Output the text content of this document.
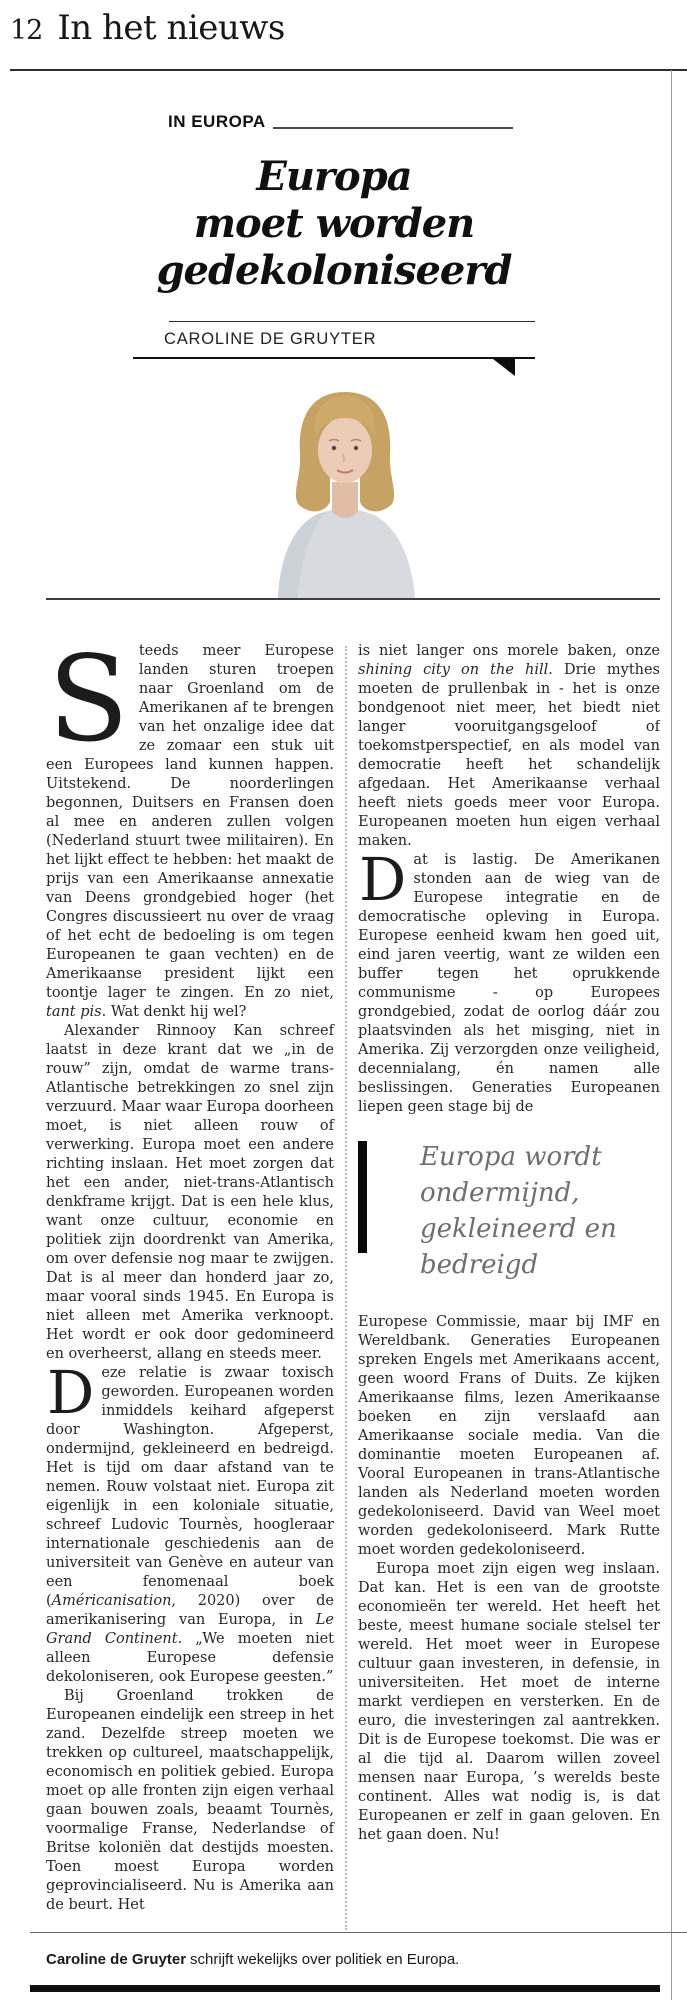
12 In het nieuws
IN EUROPA
Europa
moet worden
gedekoloniseerd
CAROLINE DE GRUYTER

Steeds meer Europese landen sturen troepen naar Groenland om de Amerikanen af te brengen van het onzalige idee dat ze zomaar een stuk uit een Europees land kunnen happen. Uitstekend. De noorderlingen begonnen, Duitsers en Fransen doen al mee en anderen zullen volgen (Nederland stuurt twee militairen). En het lijkt effect te hebben: het maakt de prijs van een Amerikaanse annexatie van Deens grondgebied hoger (het Congres discussieert nu over de vraag of het echt de bedoeling is om tegen Europeanen te gaan vechten) en de Amerikaanse president lijkt een toontje lager te zingen. En zo niet, tant pis. Wat denkt hij wel?

Alexander Rinnooy Kan schreef laatst in deze krant dat we „in de rouw” zijn, omdat de warme trans-Atlantische betrekkingen zo snel zijn verzuurd. Maar waar Europa doorheen moet, is niet alleen rouw of verwerking. Europa moet een andere richting inslaan. Het moet zorgen dat het een ander, niet-trans-Atlantisch denkframe krijgt. Dat is een hele klus, want onze cultuur, economie en politiek zijn doordrenkt van Amerika, om over defensie nog maar te zwijgen. Dat is al meer dan honderd jaar zo, maar vooral sinds 1945. En Europa is niet alleen met Amerika verknoopt. Het wordt er ook door gedomineerd en overheerst, allang en steeds meer.

Deze relatie is zwaar toxisch geworden. Europeanen worden inmiddels keihard afgeperst door Washington. Afgeperst, ondermijnd, gekleineerd en bedreigd. Het is tijd om daar afstand van te nemen. Rouw volstaat niet. Europa zit eigenlijk in een koloniale situatie, schreef Ludovic Tournès, hoogleraar internationale geschiedenis aan de universiteit van Genève en auteur van een fenomenaal boek (Américanisation, 2020) over de amerikanisering van Europa, in Le Grand Continent. „We moeten niet alleen Europese defensie dekoloniseren, ook Europese geesten.”

Bij Groenland trokken de Europeanen eindelijk een streep in het zand. Dezelfde streep moeten we trekken op cultureel, maatschappelijk, economisch en politiek gebied. Europa moet op alle fronten zijn eigen verhaal gaan bouwen zoals, beaamt Tournès, voormalige Franse, Nederlandse of Britse koloniën dat destijds moesten. Toen moest Europa worden geprovincialiseerd. Nu is Amerika aan de beurt. Het

is niet langer ons morele baken, onze shining city on the hill. Drie mythes moeten de prullenbak in - het is onze bondgenoot niet meer, het biedt niet langer vooruitgangsgeloof of toekomstperspectief, en als model van democratie heeft het schandelijk afgedaan. Het Amerikaanse verhaal heeft niets goeds meer voor Europa. Europeanen moeten hun eigen verhaal maken.

Dat is lastig. De Amerikanen stonden aan de wieg van de Europese integratie en de democratische opleving in Europa. Europese eenheid kwam hen goed uit, eind jaren veertig, want ze wilden een buffer tegen het oprukkende communisme - op Europees grondgebied, zodat de oorlog dáár zou plaatsvinden als het misging, niet in Amerika. Zij verzorgden onze veiligheid, decennialang, én namen alle beslissingen. Generaties Europeanen liepen geen stage bij de

Europa wordt
ondermijnd,
gekleineerd en
bedreigd

Europese Commissie, maar bij IMF en Wereldbank. Generaties Europeanen spreken Engels met Amerikaans accent, geen woord Frans of Duits. Ze kijken Amerikaanse films, lezen Amerikaanse boeken en zijn verslaafd aan Amerikaanse sociale media. Van die dominantie moeten Europeanen af. Vooral Europeanen in trans-Atlantische landen als Nederland moeten worden gedekoloniseerd. David van Weel moet worden gedekoloniseerd. Mark Rutte moet worden gedekoloniseerd.

Europa moet zijn eigen weg inslaan. Dat kan. Het is een van de grootste economieën ter wereld. Het heeft het beste, meest humane sociale stelsel ter wereld. Het moet weer in Europese cultuur gaan investeren, in defensie, in universiteiten. Het moet de interne markt verdiepen en versterken. En de euro, die investeringen zal aantrekken. Dit is de Europese toekomst. Die was er al die tijd al. Daarom willen zoveel mensen naar Europa, ’s werelds beste continent. Alles wat nodig is, is dat Europeanen er zelf in gaan geloven. En het gaan doen. Nu!

Caroline de Gruyter schrijft wekelijks over politiek en Europa.
